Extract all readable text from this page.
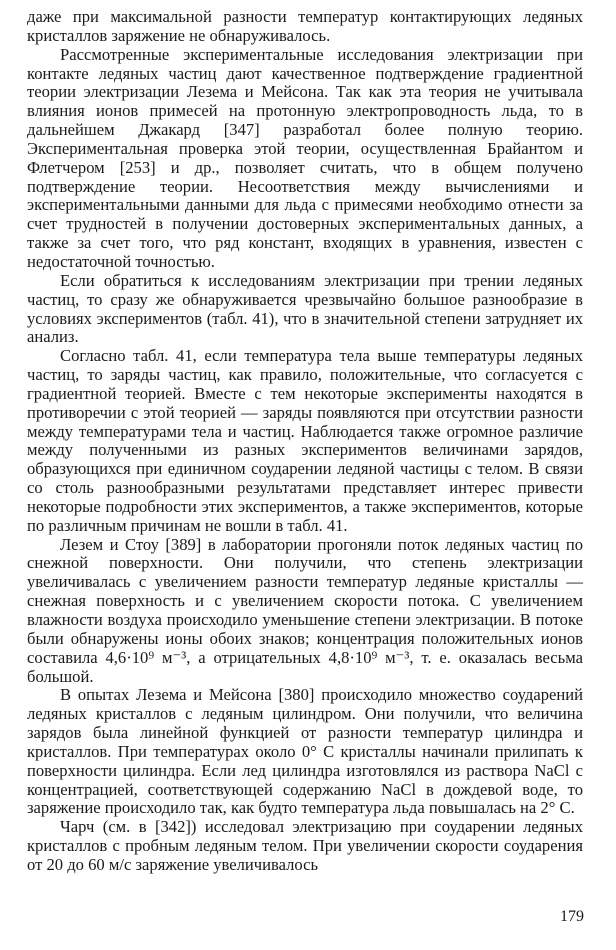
даже при максимальной разности температур контактирующих ледяных кристаллов заряжение не обнаруживалось.

Рассмотренные экспериментальные исследования электризации при контакте ледяных частиц дают качественное подтверждение градиентной теории электризации Лезема и Мейсона. Так как эта теория не учитывала влияния ионов примесей на протонную электропроводность льда, то в дальнейшем Джакард [347] разработал более полную теорию. Экспериментальная проверка этой теории, осуществленная Брайантом и Флетчером [253] и др., позволяет считать, что в общем получено подтверждение теории. Несоответствия между вычислениями и экспериментальными данными для льда с примесями необходимо отнести за счет трудностей в получении достоверных экспериментальных данных, а также за счет того, что ряд констант, входящих в уравнения, известен с недостаточной точностью.

Если обратиться к исследованиям электризации при трении ледяных частиц, то сразу же обнаруживается чрезвычайно большое разнообразие в условиях экспериментов (табл. 41), что в значительной степени затрудняет их анализ.

Согласно табл. 41, если температура тела выше температуры ледяных частиц, то заряды частиц, как правило, положительные, что согласуется с градиентной теорией. Вместе с тем некоторые эксперименты находятся в противоречии с этой теорией — заряды появляются при отсутствии разности между температурами тела и частиц. Наблюдается также огромное различие между полученными из разных экспериментов величинами зарядов, образующихся при единичном соударении ледяной частицы с телом. В связи со столь разнообразными результатами представляет интерес привести некоторые подробности этих экспериментов, а также экспериментов, которые по различным причинам не вошли в табл. 41.

Лезем и Стоу [389] в лаборатории прогоняли поток ледяных частиц по снежной поверхности. Они получили, что степень электризации увеличивалась с увеличением разности температур ледяные кристаллы — снежная поверхность и с увеличением скорости потока. С увеличением влажности воздуха происходило уменьшение степени электризации. В потоке были обнаружены ионы обоих знаков; концентрация положительных ионов составила 4,6·10⁹ м⁻³, а отрицательных 4,8·10⁹ м⁻³, т. е. оказалась весьма большой.

В опытах Лезема и Мейсона [380] происходило множество соударений ледяных кристаллов с ледяным цилиндром. Они получили, что величина зарядов была линейной функцией от разности температур цилиндра и кристаллов. При температурах около 0° С кристаллы начинали прилипать к поверхности цилиндра. Если лед цилиндра изготовлялся из раствора NaCl с концентрацией, соответствующей содержанию NaCl в дождевой воде, то заряжение происходило так, как будто температура льда повышалась на 2° С.

Чарч (см. в [342]) исследовал электризацию при соударении ледяных кристаллов с пробным ледяным телом. При увеличении скорости соударения от 20 до 60 м/с заряжение увеличивалось

179
